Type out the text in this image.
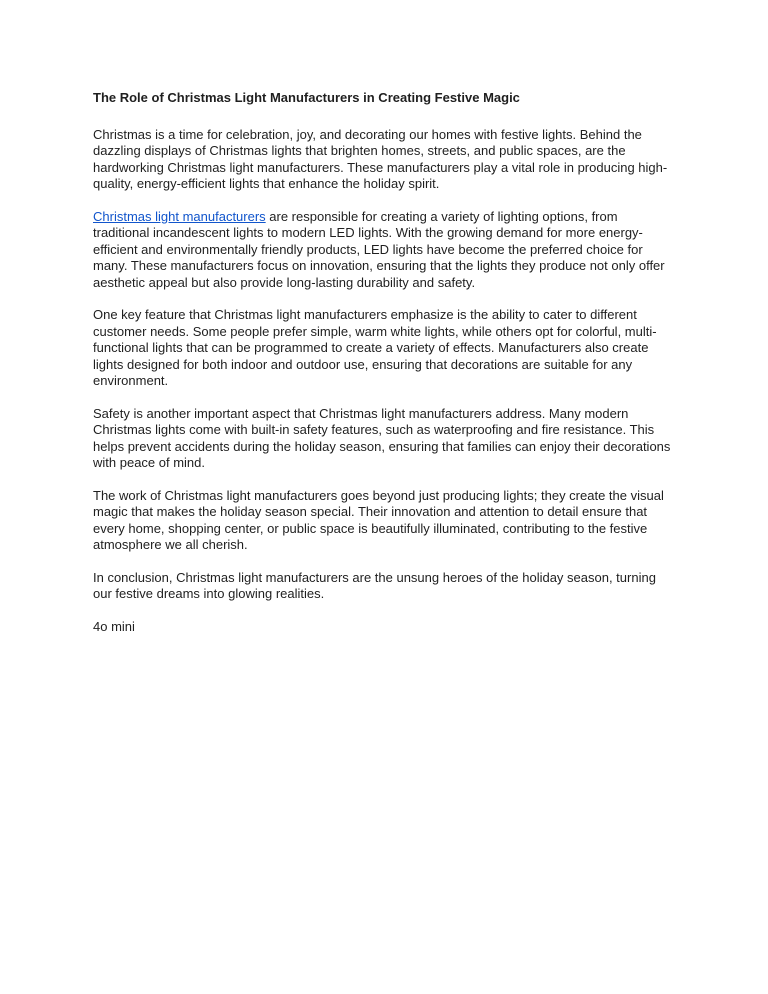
The Role of Christmas Light Manufacturers in Creating Festive Magic

Christmas is a time for celebration, joy, and decorating our homes with festive lights. Behind the dazzling displays of Christmas lights that brighten homes, streets, and public spaces, are the hardworking Christmas light manufacturers. These manufacturers play a vital role in producing high-quality, energy-efficient lights that enhance the holiday spirit.

Christmas light manufacturers are responsible for creating a variety of lighting options, from traditional incandescent lights to modern LED lights. With the growing demand for more energy-efficient and environmentally friendly products, LED lights have become the preferred choice for many. These manufacturers focus on innovation, ensuring that the lights they produce not only offer aesthetic appeal but also provide long-lasting durability and safety.

One key feature that Christmas light manufacturers emphasize is the ability to cater to different customer needs. Some people prefer simple, warm white lights, while others opt for colorful, multi-functional lights that can be programmed to create a variety of effects. Manufacturers also create lights designed for both indoor and outdoor use, ensuring that decorations are suitable for any environment.

Safety is another important aspect that Christmas light manufacturers address. Many modern Christmas lights come with built-in safety features, such as waterproofing and fire resistance. This helps prevent accidents during the holiday season, ensuring that families can enjoy their decorations with peace of mind.

The work of Christmas light manufacturers goes beyond just producing lights; they create the visual magic that makes the holiday season special. Their innovation and attention to detail ensure that every home, shopping center, or public space is beautifully illuminated, contributing to the festive atmosphere we all cherish.

In conclusion, Christmas light manufacturers are the unsung heroes of the holiday season, turning our festive dreams into glowing realities.

4o mini
